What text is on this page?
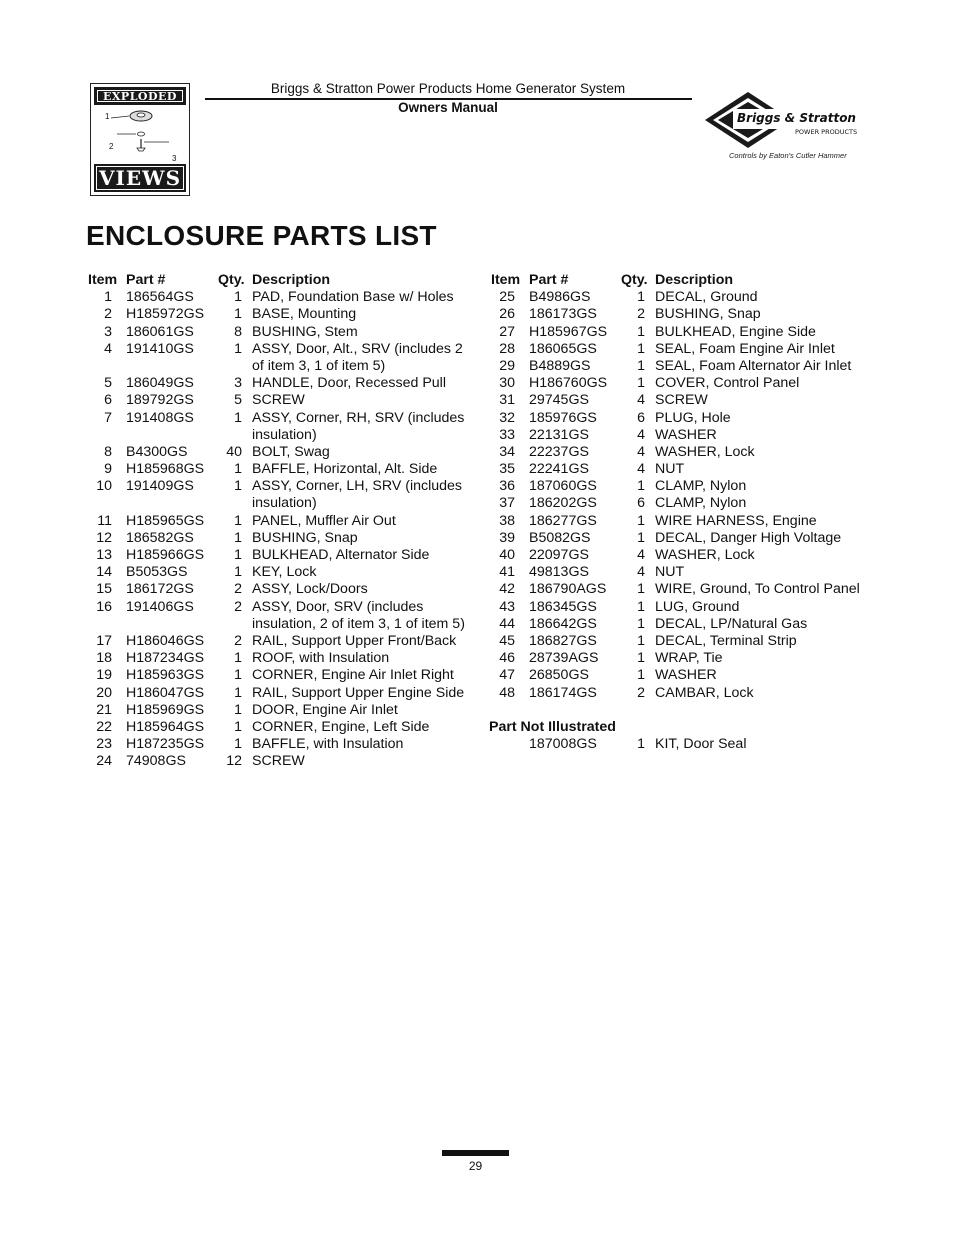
EXPLODED
1
2
3
VIEWS
Briggs & Stratton Power Products Home Generator System
Owners Manual
Briggs & Stratton
POWER PRODUCTS
Controls by Eaton's Cutler Hammer
ENCLOSURE PARTS LIST
Item Part #	Qty. Description
1 186564GS	1 PAD, Foundation Base w/ Holes
2 H185972GS	1 BASE, Mounting
3 186061GS	8 BUSHING, Stem
4 191410GS	1 ASSY, Door, Alt., SRV (includes 2 of item 3, 1 of item 5)
5 186049GS	3 HANDLE, Door, Recessed Pull
6 189792GS	5 SCREW
7 191408GS	1 ASSY, Corner, RH, SRV (includes insulation)
8 B4300GS	40 BOLT, Swag
9 H185968GS	1 BAFFLE, Horizontal, Alt. Side
10 191409GS	1 ASSY, Corner, LH, SRV (includes insulation)
11 H185965GS	1 PANEL, Muffler Air Out
12 186582GS	1 BUSHING, Snap
13 H185966GS	1 BULKHEAD, Alternator Side
14 B5053GS	1 KEY, Lock
15 186172GS	2 ASSY, Lock/Doors
16 191406GS	2 ASSY, Door, SRV (includes insulation, 2 of item 3, 1 of item 5)
17 H186046GS	2 RAIL, Support Upper Front/Back
18 H187234GS	1 ROOF, with Insulation
19 H185963GS	1 CORNER, Engine Air Inlet Right
20 H186047GS	1 RAIL, Support Upper Engine Side
21 H185969GS	1 DOOR, Engine Air Inlet
22 H185964GS	1 CORNER, Engine, Left Side
23 H187235GS	1 BAFFLE, with Insulation
24 74908GS	12 SCREW
Item Part #	Qty. Description
25 B4986GS	1 DECAL, Ground
26 186173GS	2 BUSHING, Snap
27 H185967GS	1 BULKHEAD, Engine Side
28 186065GS	1 SEAL, Foam Engine Air Inlet
29 B4889GS	1 SEAL, Foam Alternator Air Inlet
30 H186760GS	1 COVER, Control Panel
31 29745GS	4 SCREW
32 185976GS	6 PLUG, Hole
33 22131GS	4 WASHER
34 22237GS	4 WASHER, Lock
35 22241GS	4 NUT
36 187060GS	1 CLAMP, Nylon
37 186202GS	6 CLAMP, Nylon
38 186277GS	1 WIRE HARNESS, Engine
39 B5082GS	1 DECAL, Danger High Voltage
40 22097GS	4 WASHER, Lock
41 49813GS	4 NUT
42 186790AGS	1 WIRE, Ground, To Control Panel
43 186345GS	1 LUG, Ground
44 186642GS	1 DECAL, LP/Natural Gas
45 186827GS	1 DECAL, Terminal Strip
46 28739AGS	1 WRAP, Tie
47 26850GS	1 WASHER
48 186174GS	2 CAMBAR, Lock
Part Not Illustrated
187008GS	1 KIT, Door Seal
29
